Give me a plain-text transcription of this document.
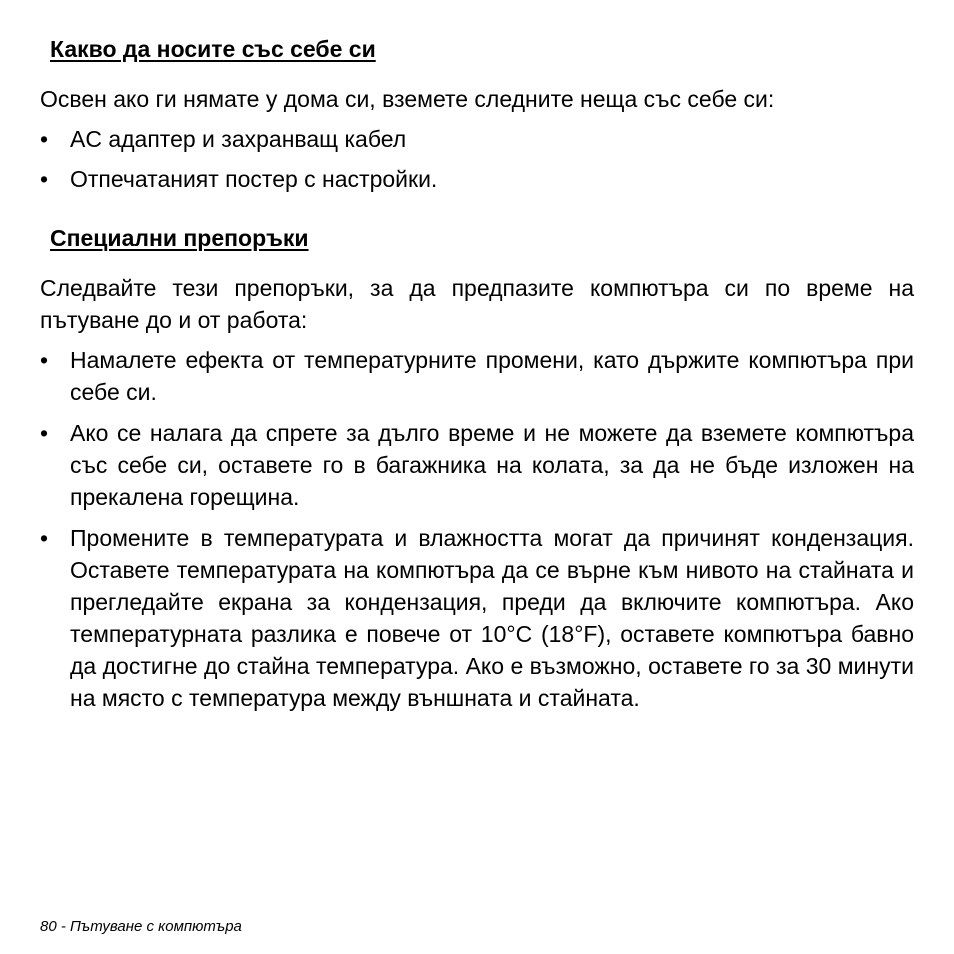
Какво да носите със себе си

Освен ако ги нямате у дома си, вземете следните неща със себе си:

• AC адаптер и захранващ кабел
• Отпечатаният постер с настройки.
Специални препоръки

Следвайте тези препоръки, за да предпазите компютъра си по време на пътуване до и от работа:

• Намалете ефекта от температурните промени, като държите компютъра при себе си.
• Ако се налага да спрете за дълго време и не можете да вземете компютъра със себе си, оставете го в багажника на колата, за да не бъде изложен на прекалена горещина.
• Промените в температурата и влажността могат да причинят кондензация. Оставете температурата на компютъра да се върне към нивото на стайната и прегледайте екрана за кондензация, преди да включите компютъра. Ако температурната разлика е повече от 10°C (18°F), оставете компютъра бавно да достигне до стайна температура. Ако е възможно, оставете го за 30 минути на място с температура между външната и стайната.
80 - Пътуване с компютъра
